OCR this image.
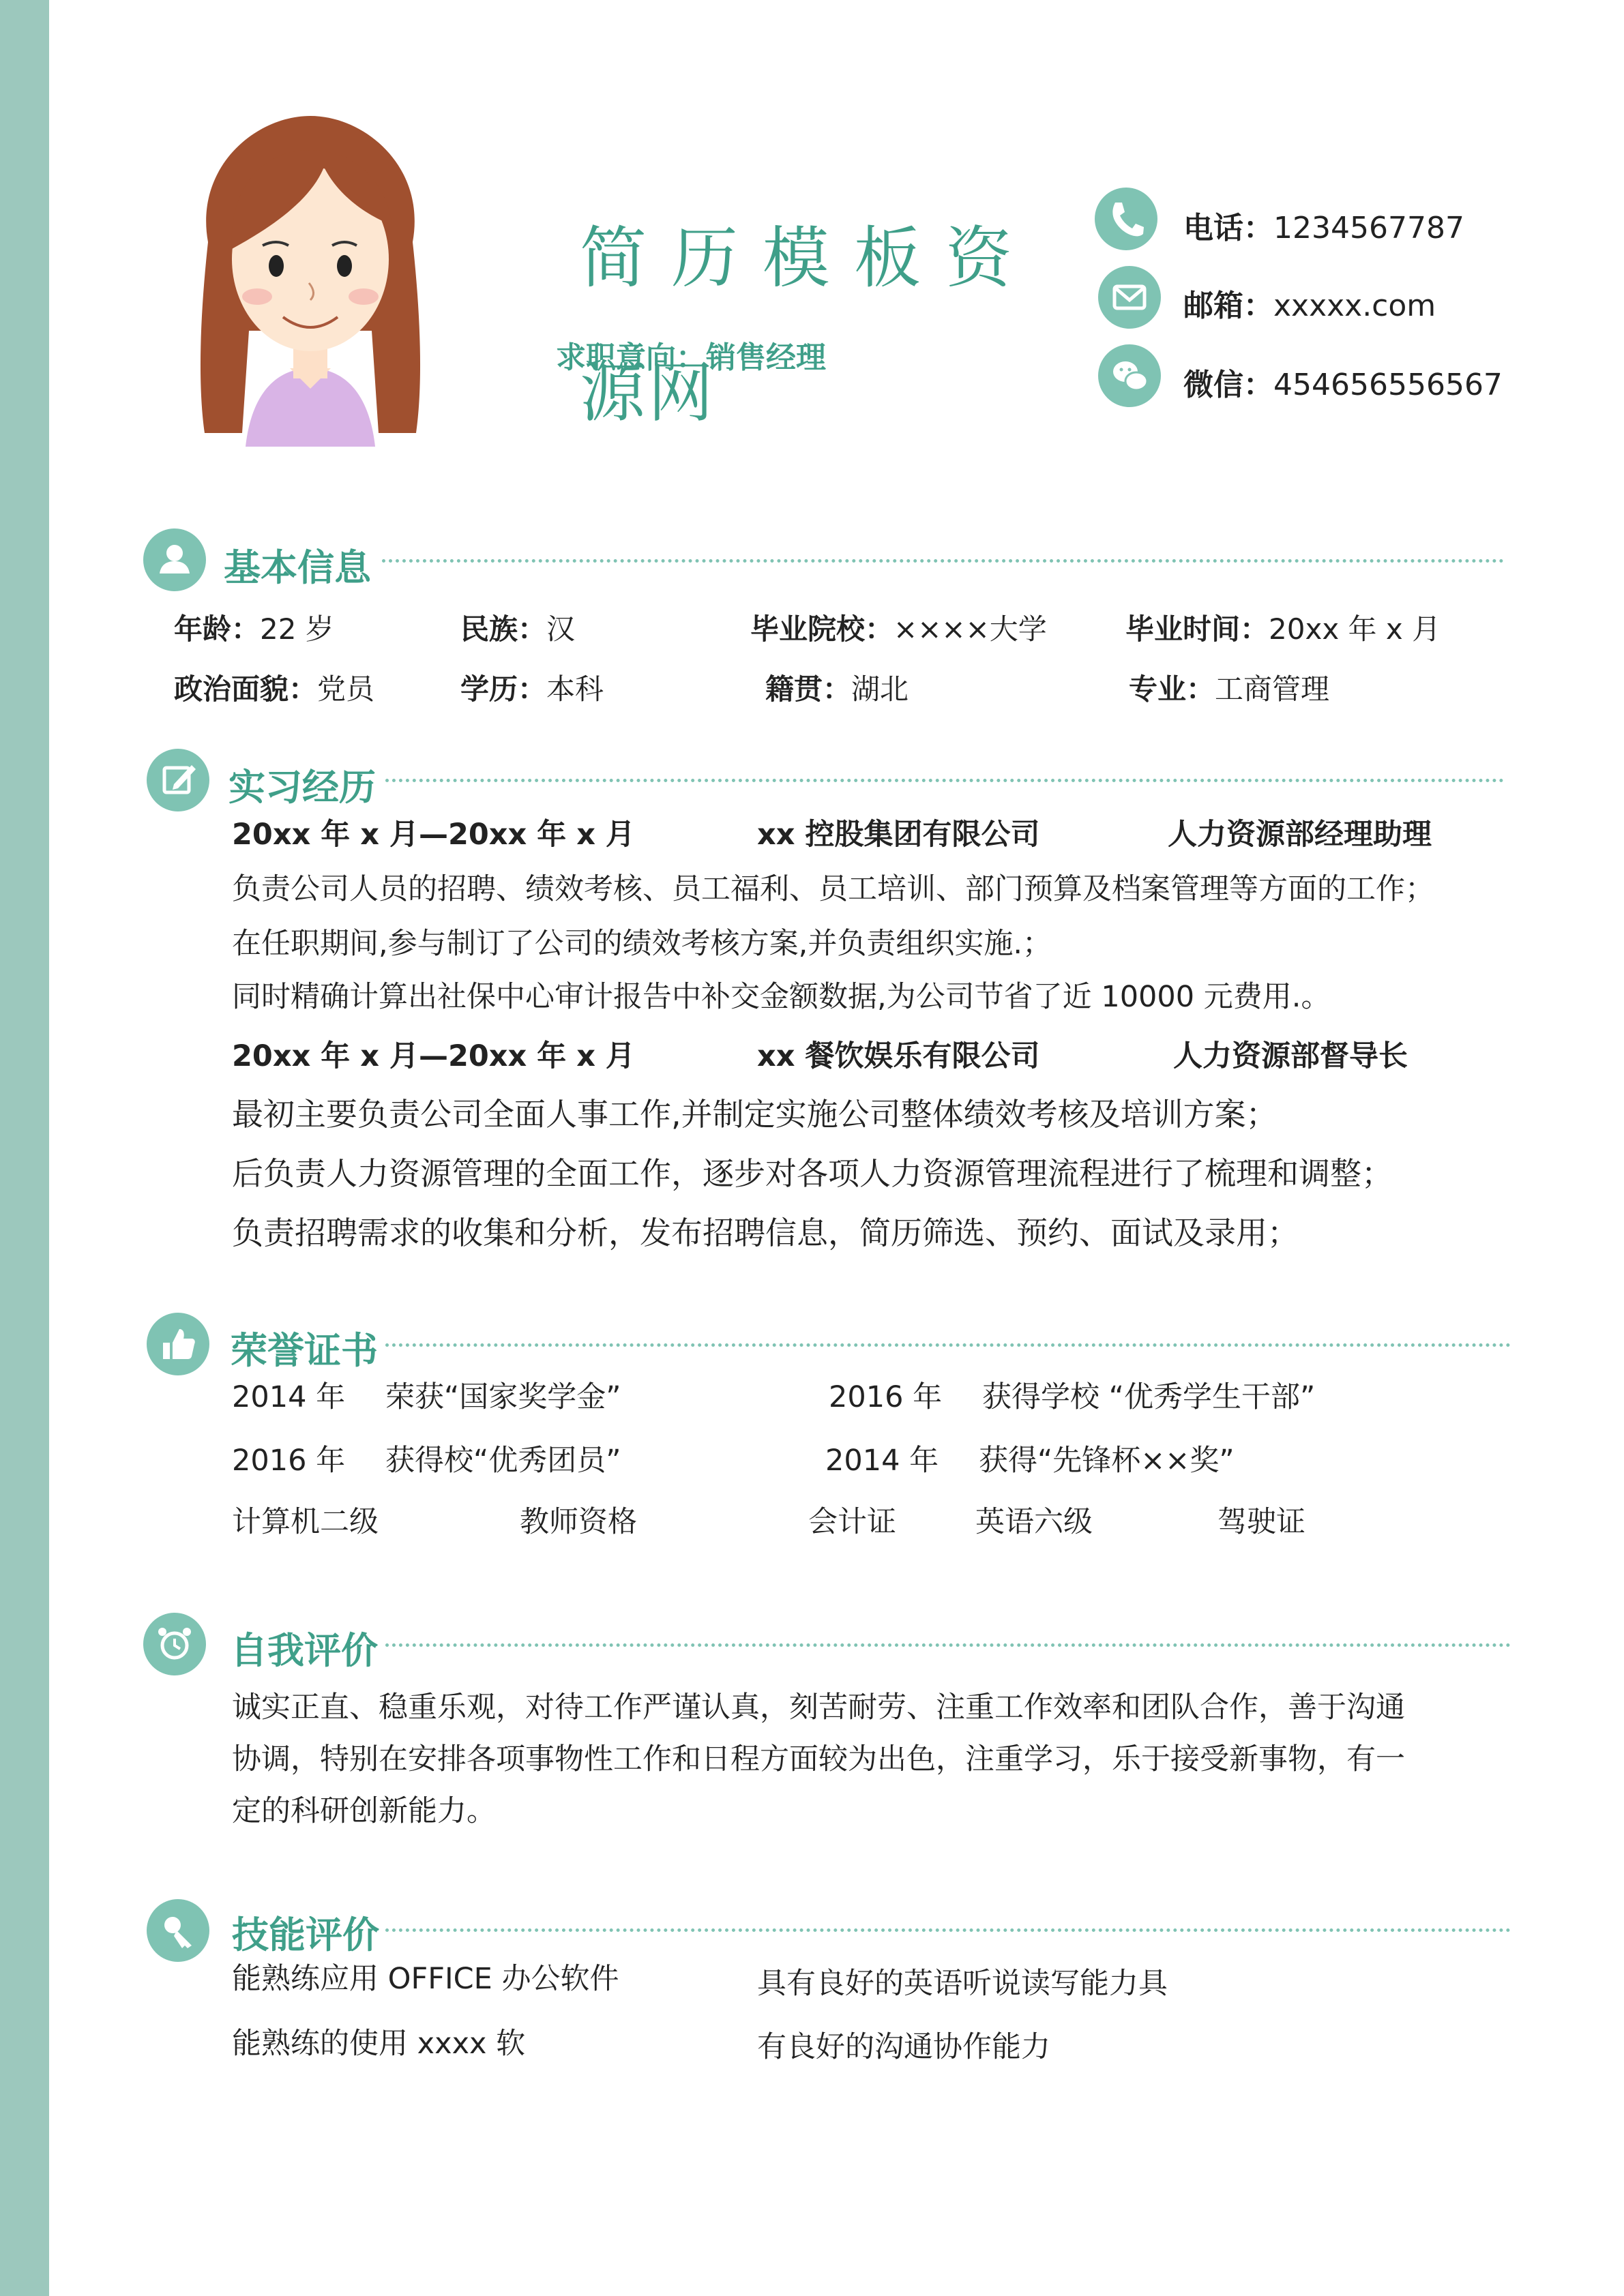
简历模板资
源网
求职意向：销售经理
电话：1234567787
邮箱：xxxxx.com
微信：454656556567
基本信息
年龄：22 岁	民族：汉	毕业院校：××××大学	毕业时间：20xx 年 x 月
政治面貌：党员	学历：本科	籍贯：湖北	专业：工商管理
实习经历
20xx 年 x 月—20xx 年 x 月	xx 控股集团有限公司	人力资源部经理助理
负责公司人员的招聘、绩效考核、员工福利、员工培训、部门预算及档案管理等方面的工作；
在任职期间,参与制订了公司的绩效考核方案,并负责组织实施.；
同时精确计算出社保中心审计报告中补交金额数据,为公司节省了近 10000 元费用.。
20xx 年 x 月—20xx 年 x 月	xx 餐饮娱乐有限公司	人力资源部督导长
最初主要负责公司全面人事工作,并制定实施公司整体绩效考核及培训方案；
后负责人力资源管理的全面工作，逐步对各项人力资源管理流程进行了梳理和调整；
负责招聘需求的收集和分析，发布招聘信息，简历筛选、预约、面试及录用；
荣誉证书
2014 年 荣获“国家奖学金”	2016 年 获得学校 “优秀学生干部”
2016 年 获得校“优秀团员”	2014 年 获得“先锋杯××奖”
计算机二级	教师资格	会计证	英语六级	驾驶证
自我评价
诚实正直、稳重乐观，对待工作严谨认真，刻苦耐劳、注重工作效率和团队合作，善于沟通
协调，特别在安排各项事物性工作和日程方面较为出色，注重学习，乐于接受新事物，有一
定的科研创新能力。
技能评价
能熟练应用 OFFICE 办公软件	具有良好的英语听说读写能力具
能熟练的使用 xxxx 软	有良好的沟通协作能力
